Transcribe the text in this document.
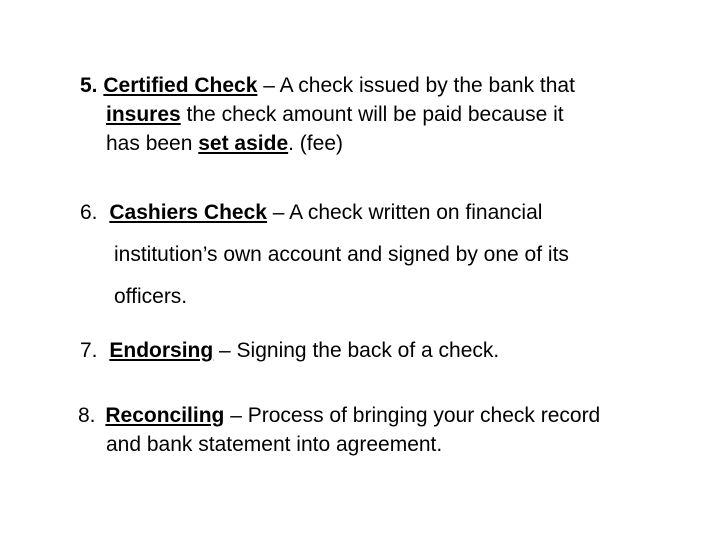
5. Certified Check – A check issued by the bank that
insures the check amount will be paid because it
has been set aside. (fee)
6. Cashiers Check – A check written on financial
institution’s own account and signed by one of its
officers.
7. Endorsing – Signing the back of a check.
8. Reconciling – Process of bringing your check record
and bank statement into agreement.
